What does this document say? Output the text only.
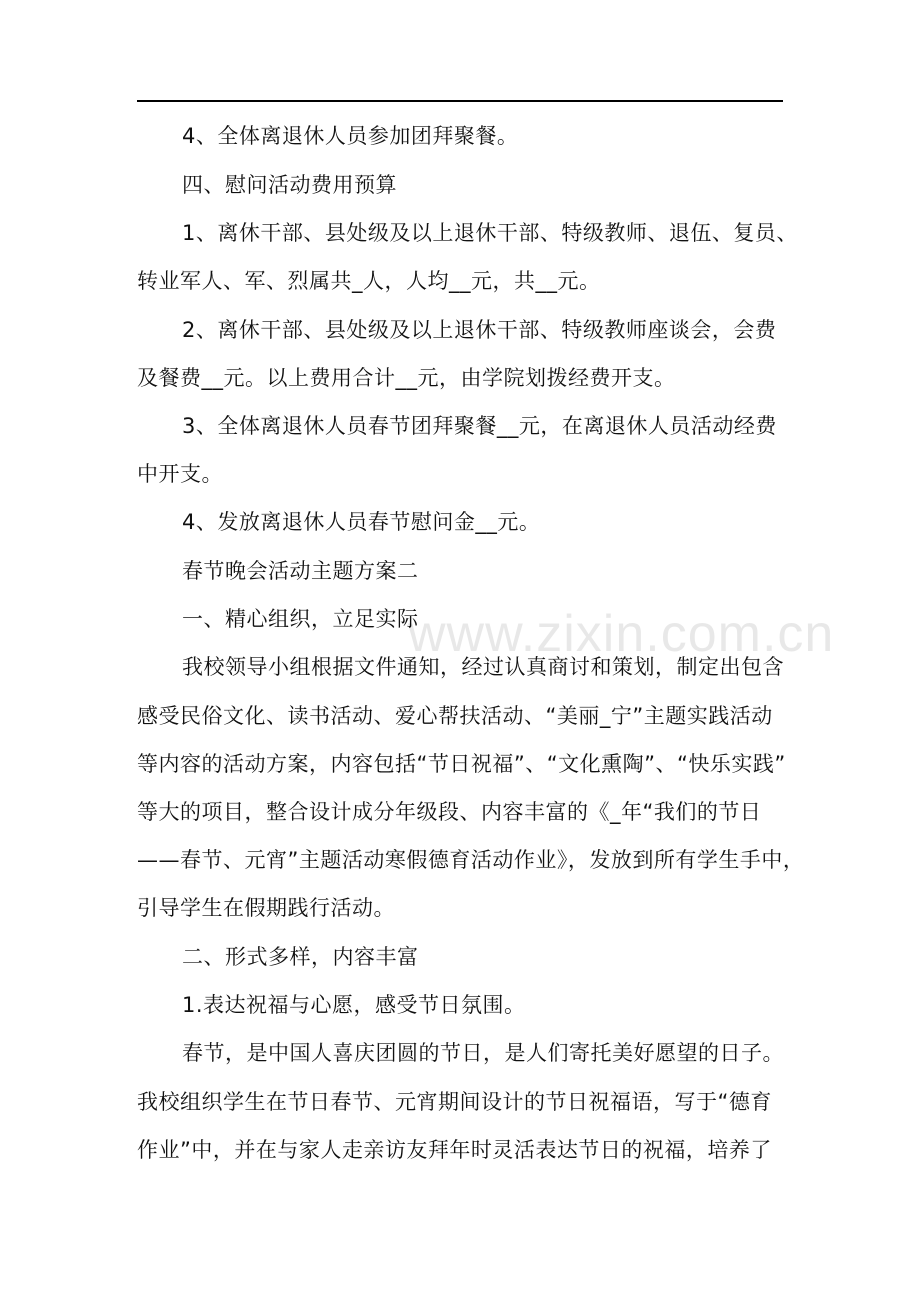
www.zixin.com.cn
4、全体离退休人员参加团拜聚餐。
四、慰问活动费用预算
1、离休干部、县处级及以上退休干部、特级教师、退伍、复员、
转业军人、军、烈属共_人，人均__元，共__元。
2、离休干部、县处级及以上退休干部、特级教师座谈会，会费
及餐费__元。以上费用合计__元，由学院划拨经费开支。
3、全体离退休人员春节团拜聚餐__元，在离退休人员活动经费
中开支。
4、发放离退休人员春节慰问金__元。
春节晚会活动主题方案二
一、精心组织，立足实际
我校领导小组根据文件通知，经过认真商讨和策划，制定出包含
感受民俗文化、读书活动、爱心帮扶活动、“美丽_宁”主题实践活动
等内容的活动方案，内容包括“节日祝福”、“文化熏陶”、“快乐实践”
等大的项目，整合设计成分年级段、内容丰富的《_年“我们的节日
——春节、元宵”主题活动寒假德育活动作业》，发放到所有学生手中，
引导学生在假期践行活动。
二、形式多样，内容丰富
1.表达祝福与心愿，感受节日氛围。
春节，是中国人喜庆团圆的节日，是人们寄托美好愿望的日子。
我校组织学生在节日春节、元宵期间设计的节日祝福语，写于“德育
作业”中，并在与家人走亲访友拜年时灵活表达节日的祝福，培养了
